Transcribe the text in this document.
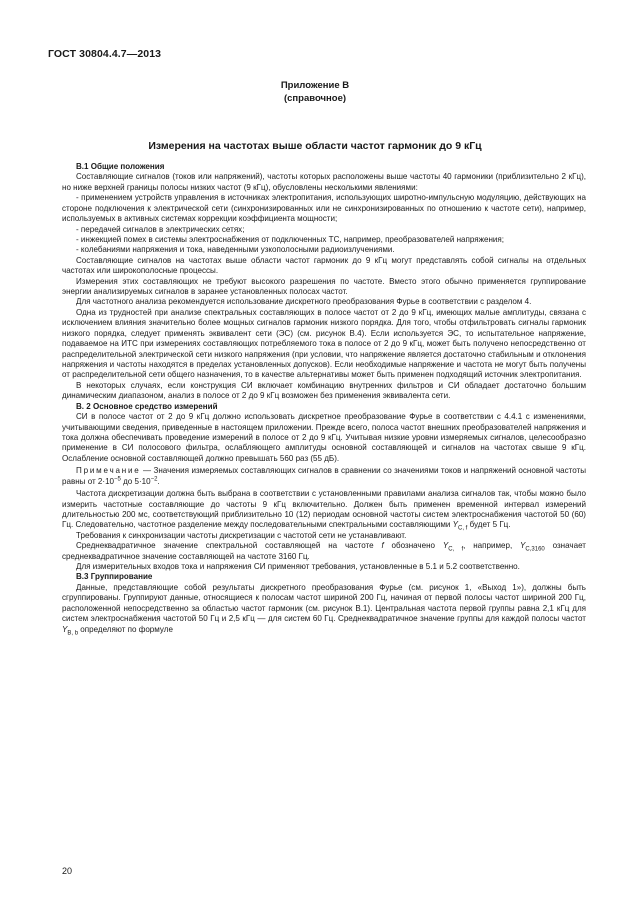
ГОСТ 30804.4.7—2013
Приложение В
(справочное)
Измерения на частотах выше области частот гармоник до 9 кГц
В.1 Общие положения

Составляющие сигналов (токов или напряжений), частоты которых расположены выше частоты 40 гармоники (приблизительно 2 кГц), но ниже верхней границы полосы низких частот (9 кГц), обусловлены несколькими явлениями:

- применением устройств управления в источниках электропитания, использующих широтно-импульсную модуляцию, действующих на стороне подключения к электрической сети (синхронизированных или не синхронизированных по отношению к частоте сети), например, используемых в активных системах коррекции коэффициента мощности;

- передачей сигналов в электрических сетях;

- инжекцией помех в системы электроснабжения от подключенных ТС, например, преобразователей напряжения;

- колебаниями напряжения и тока, наведенными узкополосными радиоизлучениями.

Составляющие сигналов на частотах выше области частот гармоник до 9 кГц могут представлять собой сигналы на отдельных частотах или широкополосные процессы.

Измерения этих составляющих не требуют высокого разрешения по частоте. Вместо этого обычно применяется группирование энергии анализируемых сигналов в заранее установленных полосах частот.

Для частотного анализа рекомендуется использование дискретного преобразования Фурье в соответствии с разделом 4.

Одна из трудностей при анализе спектральных составляющих в полосе частот от 2 до 9 кГц, имеющих малые амплитуды, связана с исключением влияния значительно более мощных сигналов гармоник низкого порядка. Для того, чтобы отфильтровать сигналы гармоник низкого порядка, следует применять эквивалент сети (ЭС) (см. рисунок В.4). Если используется ЭС, то испытательное напряжение, подаваемое на ИТС при измерениях составляющих потребляемого тока в полосе от 2 до 9 кГц, может быть получено непосредственно от распределительной электрической сети низкого напряжения (при условии, что напряжение является достаточно стабильным и отклонения напряжения и частоты находятся в пределах установленных допусков). Если необходимые напряжение и частота не могут быть получены от распределительной сети общего назначения, то в качестве альтернативы может быть применен подходящий источник электропитания.

В некоторых случаях, если конструкция СИ включает комбинацию внутренних фильтров и СИ обладает достаточно большим динамическим диапазоном, анализ в полосе от 2 до 9 кГц возможен без применения эквивалента сети.

В. 2 Основное средство измерений

СИ в полосе частот от 2 до 9 кГц должно использовать дискретное преобразование Фурье в соответствии с 4.4.1 с изменениями, учитывающими сведения, приведенные в настоящем приложении. Прежде всего, полоса частот внешних преобразователей напряжения и тока должна обеспечивать проведение измерений в полосе от 2 до 9 кГц. Учитывая низкие уровни измеряемых сигналов, целесообразно применение в СИ полосового фильтра, ослабляющего амплитуды основной составляющей и сигналов на частотах свыше 9 кГц. Ослабление основной составляющей должно превышать 560 раз (55 дБ).

Примечание — Значения измеряемых составляющих сигналов в сравнении со значениями токов и напряжений основной частоты равны от $2\cdot 10^{-5}$ до $5\cdot 10^{-2}$.

Частота дискретизации должна быть выбрана в соответствии с установленными правилами анализа сигналов так, чтобы можно было измерить частотные составляющие до частоты 9 кГц включительно. Должен быть применен временной интервал измерений длительностью 200 мс, соответствующий приблизительно 10 (12) периодам основной частоты систем электроснабжения частотой 50 (60) Гц. Следовательно, частотное разделение между последовательными спектральными составляющими $Y_{C, f}$ будет 5 Гц.

Требования к синхронизации частоты дискретизации с частотой сети не устанавливают.

Среднеквадратичное значение спектральной составляющей на частоте f обозначено $Y_{C, f}$, например, $Y_{C,3160}$ означает среднеквадратичное значение составляющей на частоте 3160 Гц.

Для измерительных входов тока и напряжения СИ применяют требования, установленные в 5.1 и 5.2 соответственно.

В.3 Группирование

Данные, представляющие собой результаты дискретного преобразования Фурье (см. рисунок 1, «Выход 1»), должны быть сгруппированы. Группируют данные, относящиеся к полосам частот шириной 200 Гц, начиная от первой полосы частот шириной 200 Гц, расположенной непосредственно за областью частот гармоник (см. рисунок В.1). Центральная частота первой группы равна 2,1 кГц для систем электроснабжения частотой 50 Гц и 2,5 кГц — для систем 60 Гц. Среднеквадратичное значение группы для каждой полосы частот $Y_{B, b}$ определяют по формуле

20
